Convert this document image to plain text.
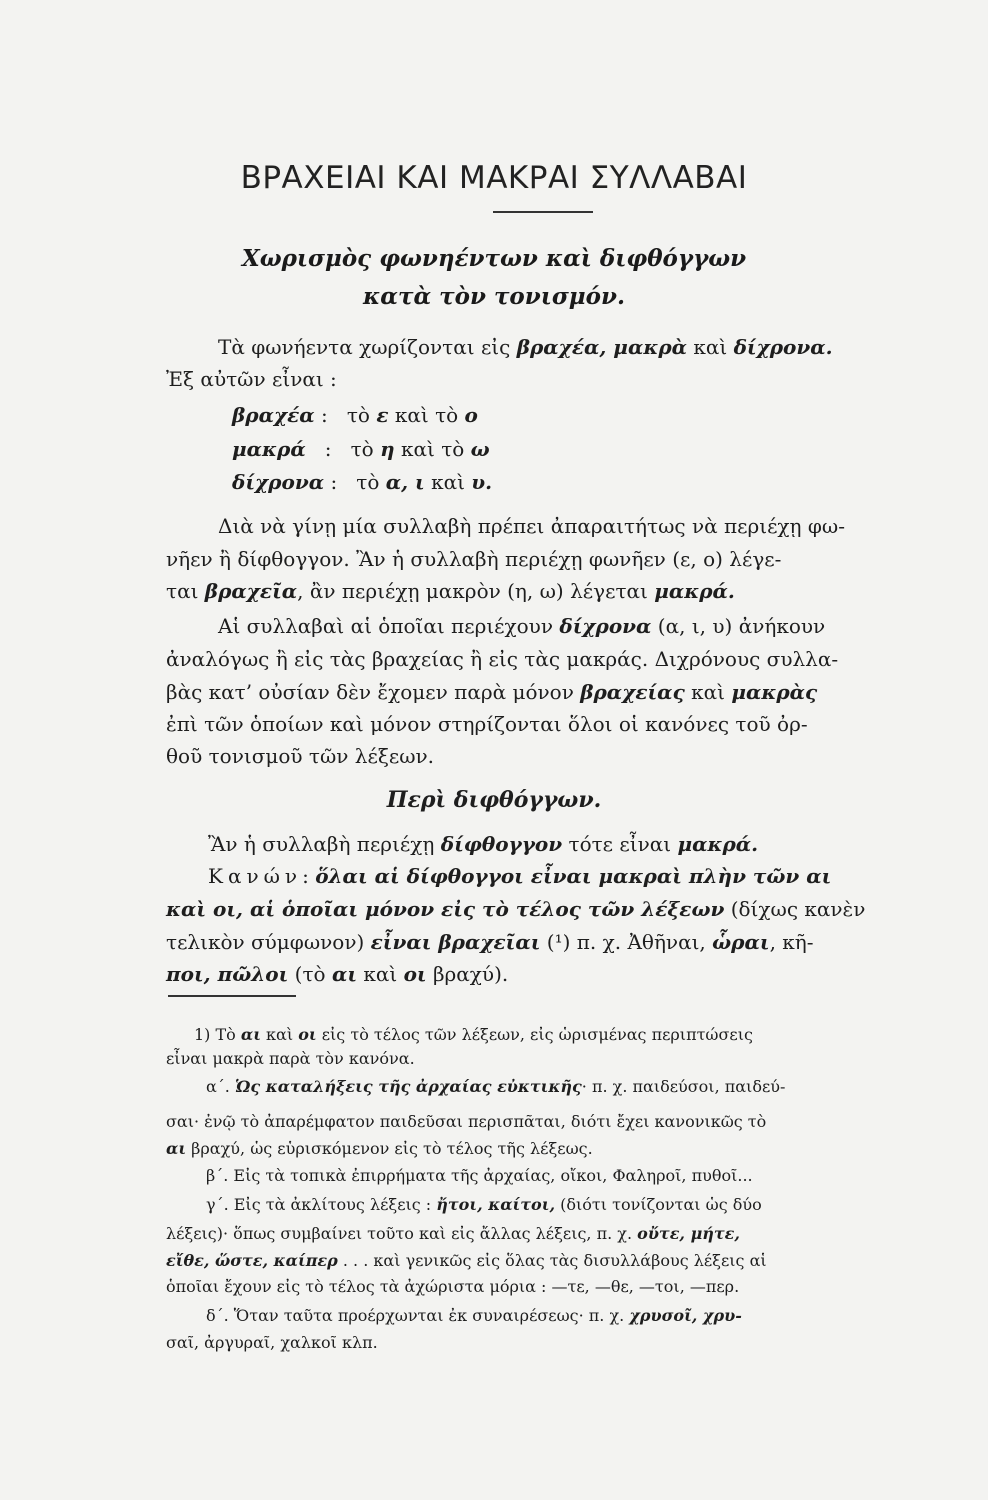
ΒΡΑΧΕΙΑΙ ΚΑΙ ΜΑΚΡΑΙ ΣΥΛΛΑΒΑΙ
Χωρισμὸς φωνηέντων καὶ διφθόγγων
κατὰ τὸν τονισμόν.
Τὰ φωνήεντα χωρίζονται εἰς βραχέα, μακρὰ καὶ δίχρονα.
Ἐξ αὐτῶν εἶναι :
βραχέα :   τὸ ε καὶ τὸ ο
μακρά   :   τὸ η καὶ τὸ ω
δίχρονα :   τὸ α, ι καὶ υ.
Διὰ νὰ γίνῃ μία συλλαβὴ πρέπει ἀπαραιτήτως νὰ περιέχῃ φω-
νῆεν ἢ δίφθογγον. Ἂν ἡ συλλαβὴ περιέχῃ φωνῆεν (ε, ο) λέγε-
ται βραχεῖα, ἂν περιέχῃ μακρὸν (η, ω) λέγεται μακρά.
Αἱ συλλαβαὶ αἱ ὁποῖαι περιέχουν δίχρονα (α, ι, υ) ἀνήκουν
ἀναλόγως ἢ εἰς τὰς βραχείας ἢ εἰς τὰς μακράς. Διχρόνους συλλα-
βὰς κατ’ οὐσίαν δὲν ἔχομεν παρὰ μόνον βραχείας καὶ μακρὰς
ἐπὶ τῶν ὁποίων καὶ μόνον στηρίζονται ὅλοι οἱ κανόνες τοῦ ὀρ-
θοῦ τονισμοῦ τῶν λέξεων.
Περὶ διφθόγγων.
Ἂν ἡ συλλαβὴ περιέχῃ δίφθογγον τότε εἶναι μακρά.
Κανών: ὅλαι αἱ δίφθογγοι εἶναι μακραὶ πλὴν τῶν αι
καὶ οι, αἱ ὁποῖαι μόνον εἰς τὸ τέλος τῶν λέξεων (δίχως κανὲν
τελικὸν σύμφωνον) εἶναι βραχεῖαι (¹) π. χ. Ἀθῆναι, ὧραι, κῆ-
ποι, πῶλοι (τὸ αι καὶ οι βραχύ).
1) Τὸ αι καὶ οι εἰς τὸ τέλος τῶν λέξεων, εἰς ὡρισμένας περιπτώσεις
εἶναι μακρὰ παρὰ τὸν κανόνα.
α΄. Ὡς καταλήξεις τῆς ἀρχαίας εὐκτικῆς· π. χ. παιδεύσοι, παιδεύ-
σαι· ἐνῷ τὸ ἀπαρέμφατον παιδεῦσαι περισπᾶται, διότι ἔχει κανονικῶς τὸ
αι βραχύ, ὡς εὑρισκόμενον εἰς τὸ τέλος τῆς λέξεως.
β΄. Εἰς τὰ τοπικὰ ἐπιρρήματα τῆς ἀρχαίας, οἴκοι, Φαληροῖ, πυθοῖ...
γ΄. Εἰς τὰ ἀκλίτους λέξεις : ἤτοι, καίτοι, (διότι τονίζονται ὡς δύο
λέξεις)· ὅπως συμβαίνει τοῦτο καὶ εἰς ἄλλας λέξεις, π. χ. οὔτε, μήτε,
εἴθε, ὥστε, καίπερ . . . καὶ γενικῶς εἰς ὅλας τὰς δισυλλάβους λέξεις αἱ
ὁποῖαι ἔχουν εἰς τὸ τέλος τὰ ἀχώριστα μόρια : —τε, —θε, —τοι, —περ.
δ΄. Ὅταν ταῦτα προέρχωνται ἐκ συναιρέσεως· π. χ. χρυσοῖ, χρυ-
σαῖ, ἀργυραῖ, χαλκοῖ κλπ.
